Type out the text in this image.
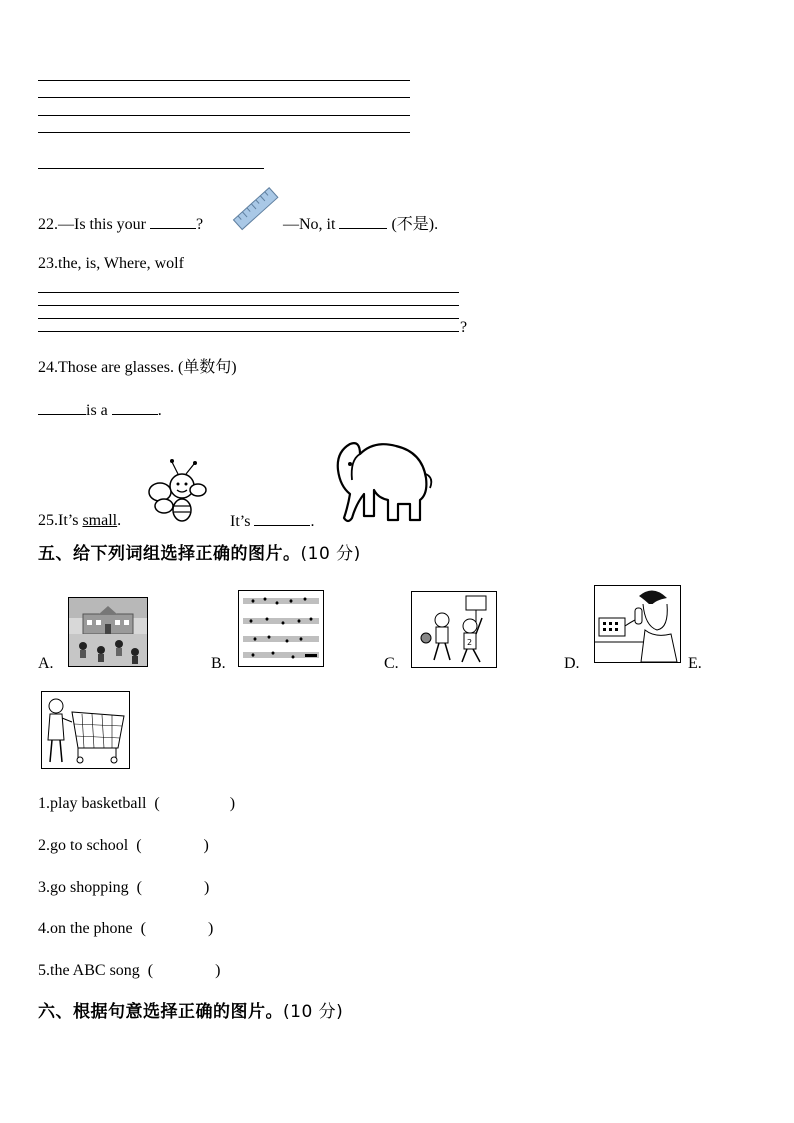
22.—Is this your	?	—No, it	(不是).
23.the, is, Where, wolf
?
24.Those are glasses. (单数句)
is a	.
25.It’s small.	It’s	.
五、给下列词组选择正确的图片。(10 分)
A.	B.	C.
2
D.	E.
1.play basketball (	)
2.go to school (	)
3.go shopping (	)
4.on the phone (	)
5.the ABC song (	)
六、根据句意选择正确的图片。(10 分)
